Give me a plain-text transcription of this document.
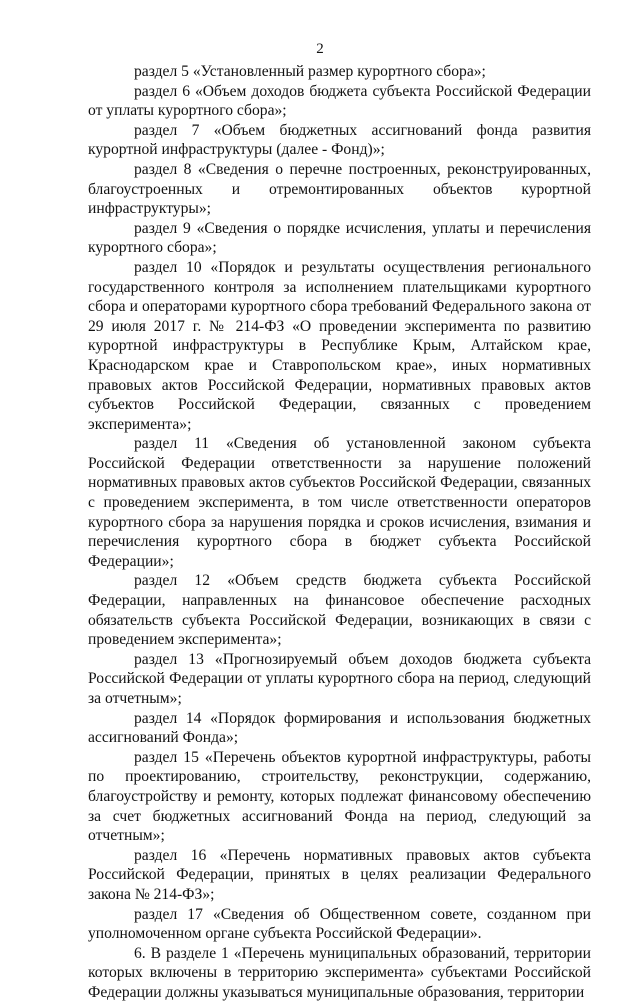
2

раздел 5 «Установленный размер курортного сбора»;

раздел 6 «Объем доходов бюджета субъекта Российской Федерации от уплаты курортного сбора»;

раздел 7 «Объем бюджетных ассигнований фонда развития курортной инфраструктуры (далее - Фонд)»;

раздел 8 «Сведения о перечне построенных, реконструированных, благоустроенных и отремонтированных объектов курортной инфраструктуры»;

раздел 9 «Сведения о порядке исчисления, уплаты и перечисления курортного сбора»;

раздел 10 «Порядок и результаты осуществления регионального государственного контроля за исполнением плательщиками курортного сбора и операторами курортного сбора требований Федерального закона от 29 июля 2017 г. № 214-ФЗ «О проведении эксперимента по развитию курортной инфраструктуры в Республике Крым, Алтайском крае, Краснодарском крае и Ставропольском крае», иных нормативных правовых актов Российской Федерации, нормативных правовых актов субъектов Российской Федерации, связанных с проведением эксперимента»;

раздел 11 «Сведения об установленной законом субъекта Российской Федерации ответственности за нарушение положений нормативных правовых актов субъектов Российской Федерации, связанных с проведением эксперимента, в том числе ответственности операторов курортного сбора за нарушения порядка и сроков исчисления, взимания и перечисления курортного сбора в бюджет субъекта Российской Федерации»;

раздел 12 «Объем средств бюджета субъекта Российской Федерации, направленных на финансовое обеспечение расходных обязательств субъекта Российской Федерации, возникающих в связи с проведением эксперимента»;

раздел 13 «Прогнозируемый объем доходов бюджета субъекта Российской Федерации от уплаты курортного сбора на период, следующий за отчетным»;

раздел 14 «Порядок формирования и использования бюджетных ассигнований Фонда»;

раздел 15 «Перечень объектов курортной инфраструктуры, работы по проектированию, строительству, реконструкции, содержанию, благоустройству и ремонту, которых подлежат финансовому обеспечению за счет бюджетных ассигнований Фонда на период, следующий за отчетным»;

раздел 16 «Перечень нормативных правовых актов субъекта Российской Федерации, принятых в целях реализации Федерального закона № 214-ФЗ»;

раздел 17 «Сведения об Общественном совете, созданном при уполномоченном органе субъекта Российской Федерации».

6. В разделе 1 «Перечень муниципальных образований, территории которых включены в территорию эксперимента» субъектами Российской Федерации должны указываться муниципальные образования, территории
